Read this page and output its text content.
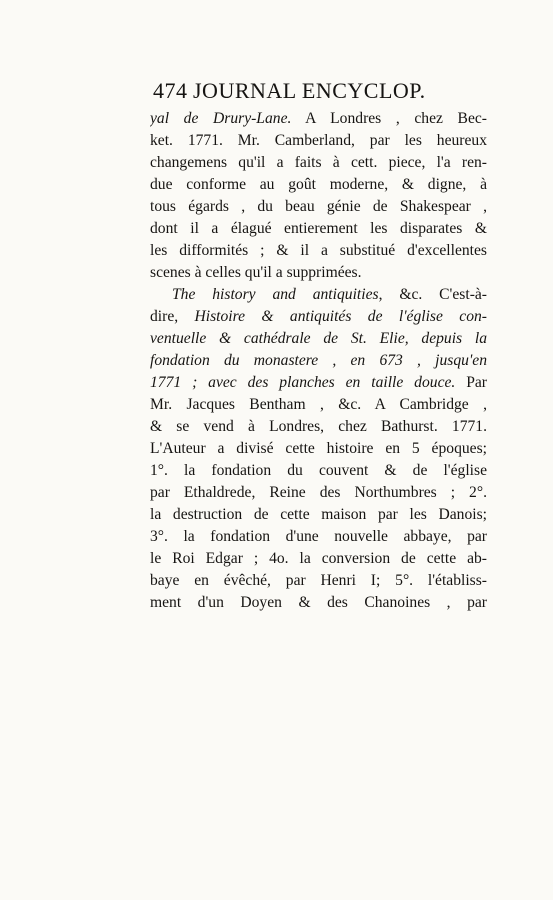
474 JOURNAL ENCYCLOP.
yal de Drury-Lane. A Londres , chez Bec-
ket. 1771. Mr. Camberland, par les heureux
changemens qu'il a faits à cett. piece, l'a ren-
due conforme au goût moderne, & digne, à
tous égards , du beau génie de Shakespear ,
dont il a élagué entierement les disparates &
les difformités ; & il a substitué d'excellentes
scenes à celles qu'il a supprimées.
The history and antiquities, &c. C'est-à-
dire, Histoire & antiquités de l'église con-
ventuelle & cathédrale de St. Elie, depuis la
fondation du monastere , en 673 , jusqu'en
1771 ; avec des planches en taille douce. Par
Mr. Jacques Bentham , &c. A Cambridge ,
& se vend à Londres, chez Bathurst. 1771.
L'Auteur a divisé cette histoire en 5 époques;
1°. la fondation du couvent & de l'église
par Ethaldrede, Reine des Northumbres ; 2°.
la destruction de cette maison par les Danois;
3°. la fondation d'une nouvelle abbaye, par
le Roi Edgar ; 4o. la conversion de cette ab-
baye en évêché, par Henri I; 5°. l'établiss-
ment d'un Doyen & des Chanoines , par
